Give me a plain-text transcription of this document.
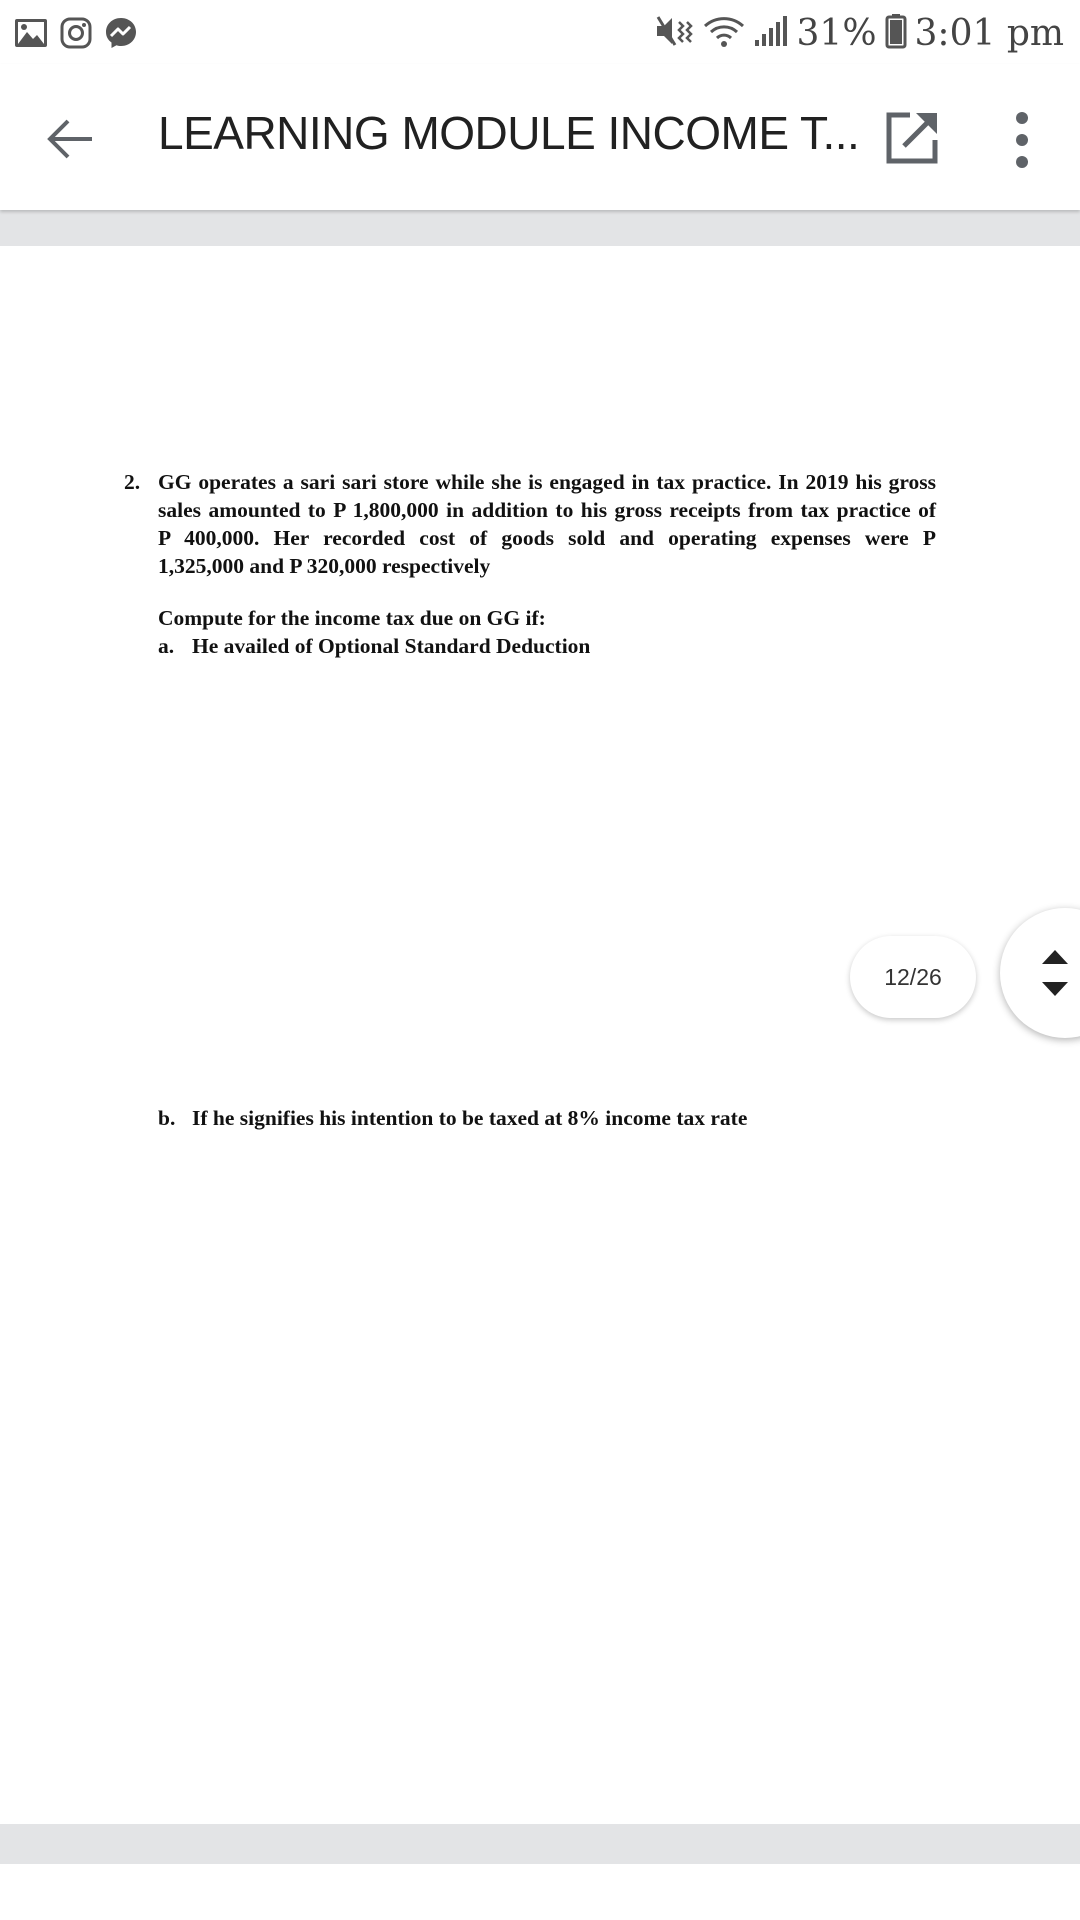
31% 3:01 pm
LEARNING MODULE INCOME T...
2. GG operates a sari sari store while she is engaged in tax practice. In 2019 his gross
sales amounted to P 1,800,000 in addition to his gross receipts from tax practice of
P 400,000. Her recorded cost of goods sold and operating expenses were P
1,325,000 and P 320,000 respectively
Compute for the income tax due on GG if:
a. He availed of Optional Standard Deduction
b. If he signifies his intention to be taxed at 8% income tax rate
12/26
